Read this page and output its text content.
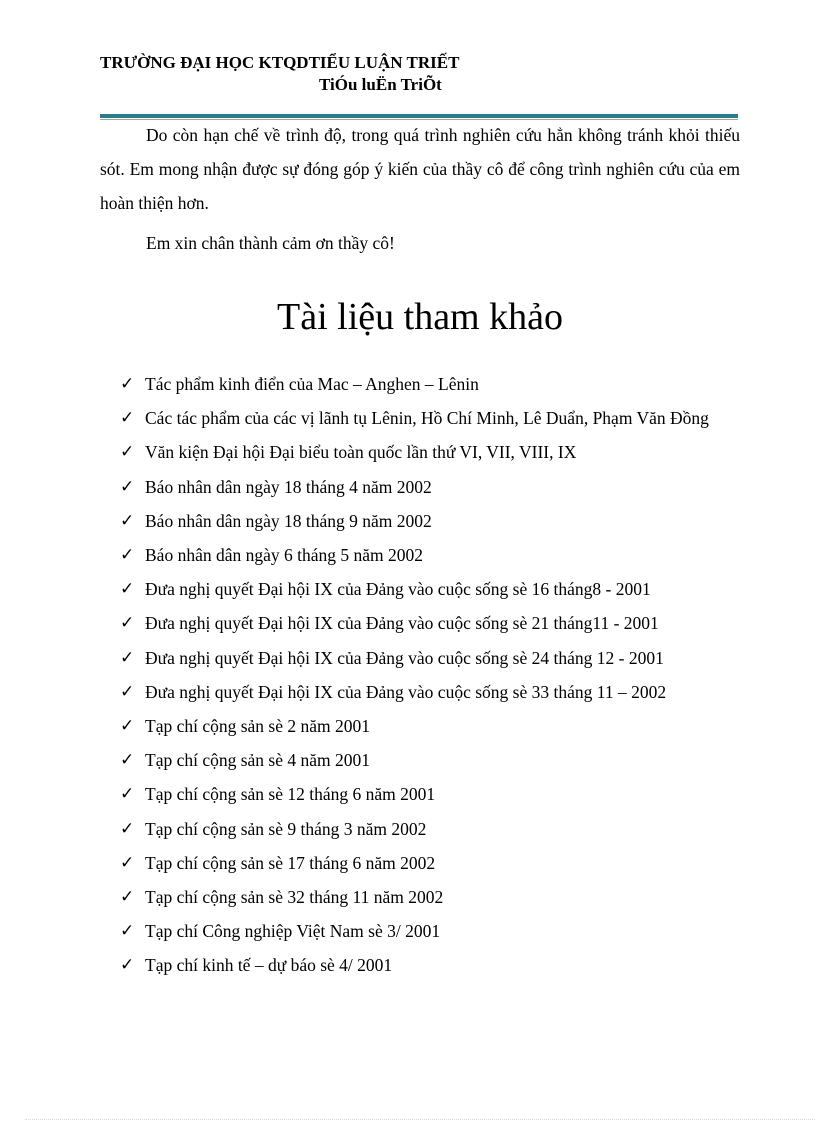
TRƯỜNG ĐẠI HỌC KTQDTIỂU LUẬN TRIẾT
TiÓu luËn TriÕt

Do còn hạn chế về trình độ, trong quá trình nghiên cứu hẳn không tránh khỏi thiếu sót. Em mong nhận được sự đóng góp ý kiến của thầy cô để công trình nghiên cứu của em hoàn thiện hơn.

Em xin chân thành cảm ơn thầy cô!

Tài liệu tham khảo
✓ Tác phẩm kinh điển của Mac – Anghen – Lênin
✓ Các tác phẩm của các vị lãnh tụ Lênin, Hồ Chí Minh, Lê Duẩn, Phạm Văn Đồng
✓ Văn kiện Đại hội Đại biểu toàn quốc lần thứ VI, VII, VIII, IX
✓ Báo nhân dân ngày 18 tháng 4 năm 2002
✓ Báo nhân dân ngày 18 tháng 9 năm 2002
✓ Báo nhân dân ngày 6 tháng 5 năm 2002
✓ Đưa nghị quyết Đại hội IX của Đảng vào cuộc sống sè 16 tháng8 - 2001
✓ Đưa nghị quyết Đại hội IX của Đảng vào cuộc sống sè 21 tháng11 - 2001
✓ Đưa nghị quyết Đại hội IX của Đảng vào cuộc sống sè 24 tháng 12 - 2001
✓ Đưa nghị quyết Đại hội IX của Đảng vào cuộc sống sè 33 tháng 11 – 2002
✓ Tạp chí cộng sản sè 2 năm 2001
✓ Tạp chí cộng sản sè 4 năm 2001
✓ Tạp chí cộng sản sè 12 tháng 6 năm 2001
✓ Tạp chí cộng sản sè 9 tháng 3 năm 2002
✓ Tạp chí cộng sản sè 17 tháng 6 năm 2002
✓ Tạp chí cộng sản sè 32 tháng 11 năm 2002
✓ Tạp chí Công nghiệp Việt Nam sè 3/ 2001
✓ Tạp chí kinh tế – dự báo sè 4/ 2001
